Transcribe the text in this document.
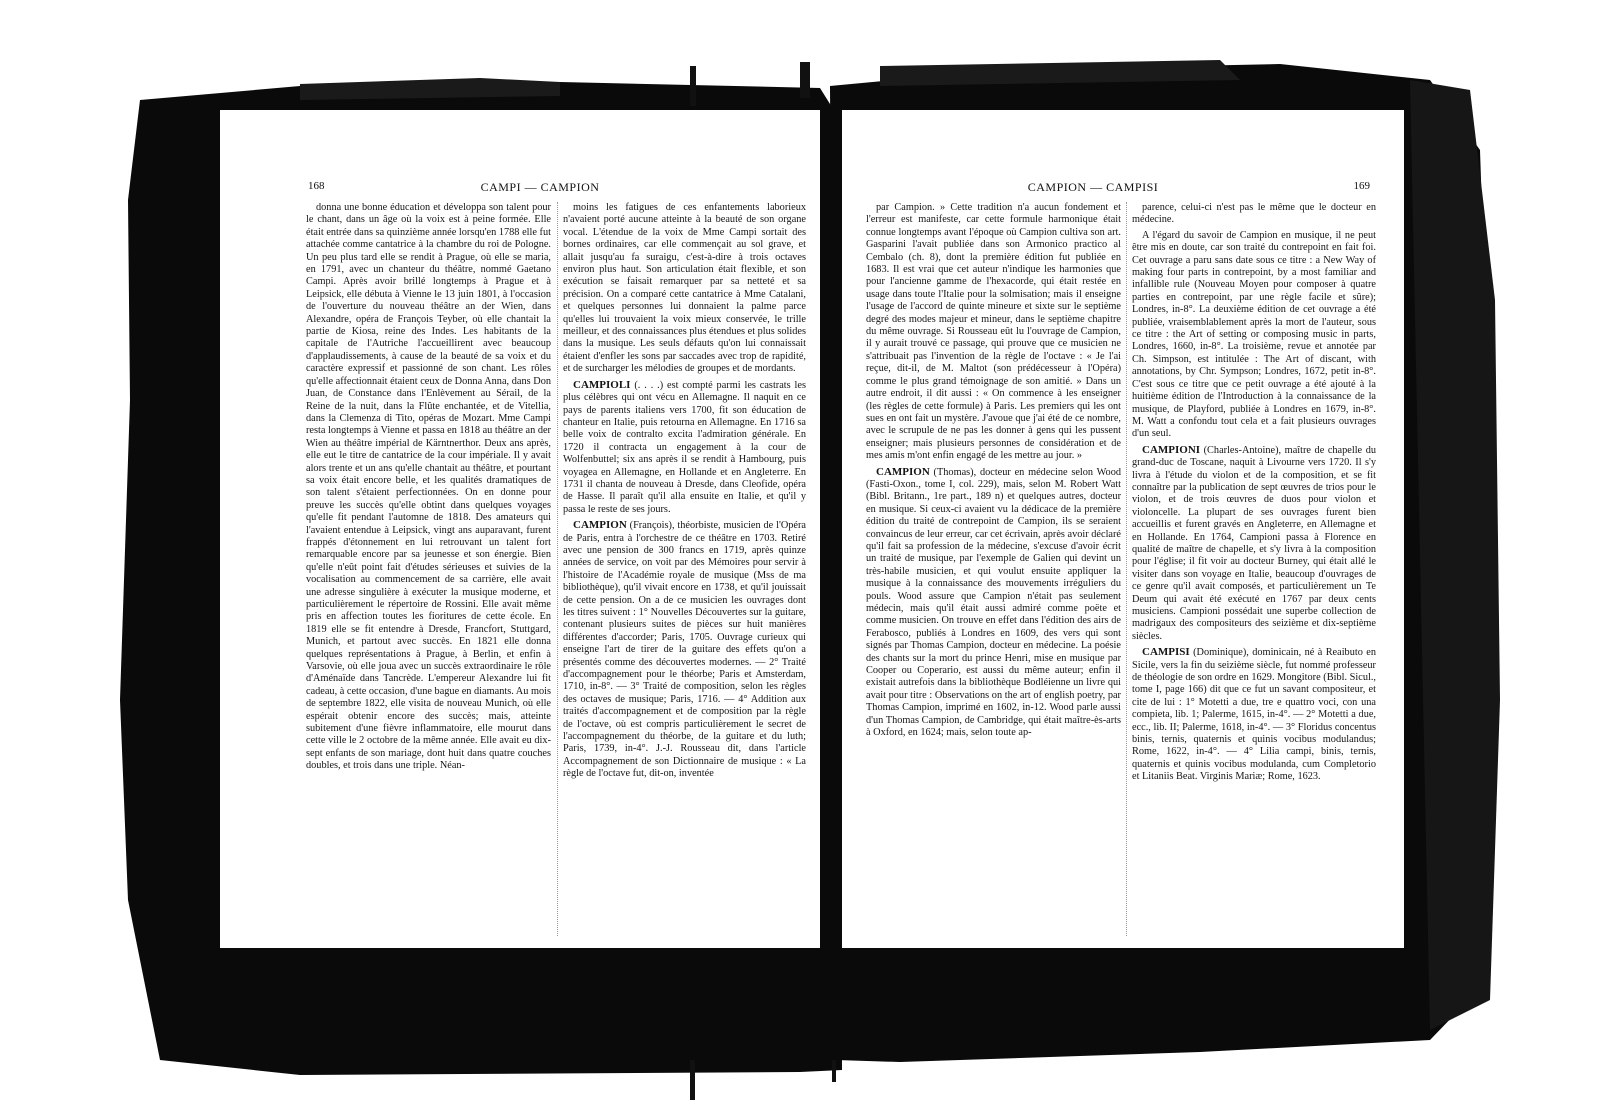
168	CAMPI — CAMPION

donna une bonne éducation et développa son talent pour le chant, dans un âge où la voix est à peine formée. Elle était entrée dans sa quinzième année lorsqu'en 1788 elle fut attachée comme cantatrice à la chambre du roi de Pologne. Un peu plus tard elle se rendit à Prague, où elle se maria, en 1791, avec un chanteur du théâtre, nommé Gaetano Campi. Après avoir brillé longtemps à Prague et à Leipsick, elle débuta à Vienne le 13 juin 1801, à l'occasion de l'ouverture du nouveau théâtre an der Wien, dans Alexandre, opéra de François Teyber, où elle chantait la partie de Kiosa, reine des Indes. Les habitants de la capitale de l'Autriche l'accueillirent avec beaucoup d'applaudissements, à cause de la beauté de sa voix et du caractère expressif et passionné de son chant. Les rôles qu'elle affectionnait étaient ceux de Donna Anna, dans Don Juan, de Constance dans l'Enlèvement au Sérail, de la Reine de la nuit, dans la Flûte enchantée, et de Vitellia, dans la Clemenza di Tito, opéras de Mozart. Mme Campi resta longtemps à Vienne et passa en 1818 au théâtre an der Wien au théâtre impérial de Kärntnerthor. Deux ans après, elle eut le titre de cantatrice de la cour impériale. Il y avait alors trente et un ans qu'elle chantait au théâtre, et pourtant sa voix était encore belle, et les qualités dramatiques de son talent s'étaient perfectionnées. On en donne pour preuve les succès qu'elle obtint dans quelques voyages qu'elle fit pendant l'automne de 1818. Des amateurs qui l'avaient entendue à Leipsick, vingt ans auparavant, furent frappés d'étonnement en lui retrouvant un talent fort remarquable encore par sa jeunesse et son énergie. Bien qu'elle n'eût point fait d'études sérieuses et suivies de la vocalisation au commencement de sa carrière, elle avait une adresse singulière à exécuter la musique moderne, et particulièrement le répertoire de Rossini. Elle avait même pris en affection toutes les fioritures de cette école. En 1819 elle se fit entendre à Dresde, Francfort, Stuttgard, Munich, et partout avec succès. En 1821 elle donna quelques représentations à Prague, à Berlin, et enfin à Varsovie, où elle joua avec un succès extraordinaire le rôle d'Aménaïde dans Tancrède. L'empereur Alexandre lui fit cadeau, à cette occasion, d'une bague en diamants. Au mois de septembre 1822, elle visita de nouveau Munich, où elle espérait obtenir encore des succès; mais, atteinte subitement d'une fièvre inflammatoire, elle mourut dans cette ville le 2 octobre de la même année. Elle avait eu dix-sept enfants de son mariage, dont huit dans quatre couches doubles, et trois dans une triple. Néan-

moins les fatigues de ces enfantements laborieux n'avaient porté aucune atteinte à la beauté de son organe vocal. L'étendue de la voix de Mme Campi sortait des bornes ordinaires, car elle commençait au sol grave, et allait jusqu'au fa suraigu, c'est-à-dire à trois octaves environ plus haut. Son articulation était flexible, et son exécution se faisait remarquer par sa netteté et sa précision. On a comparé cette cantatrice à Mme Catalani, et quelques personnes lui donnaient la palme parce qu'elles lui trouvaient la voix mieux conservée, le trille meilleur, et des connaissances plus étendues et plus solides dans la musique. Les seuls défauts qu'on lui connaissait étaient d'enfler les sons par saccades avec trop de rapidité, et de surcharger les mélodies de groupes et de mordants.

CAMPIOLI (. . . .) est compté parmi les castrats les plus célèbres qui ont vécu en Allemagne. Il naquit en ce pays de parents italiens vers 1700, fit son éducation de chanteur en Italie, puis retourna en Allemagne. En 1716 sa belle voix de contralto excita l'admiration générale. En 1720 il contracta un engagement à la cour de Wolfenbuttel; six ans après il se rendit à Hambourg, puis voyagea en Allemagne, en Hollande et en Angleterre. En 1731 il chanta de nouveau à Dresde, dans Cleofide, opéra de Hasse. Il paraît qu'il alla ensuite en Italie, et qu'il y passa le reste de ses jours.

CAMPION (François), théorbiste, musicien de l'Opéra de Paris, entra à l'orchestre de ce théâtre en 1703. Retiré avec une pension de 300 francs en 1719, après quinze années de service, on voit par des Mémoires pour servir à l'histoire de l'Académie royale de musique (Mss de ma bibliothèque), qu'il vivait encore en 1738, et qu'il jouissait de cette pension. On a de ce musicien les ouvrages dont les titres suivent : 1° Nouvelles Découvertes sur la guitare, contenant plusieurs suites de pièces sur huit manières différentes d'accorder; Paris, 1705. Ouvrage curieux qui enseigne l'art de tirer de la guitare des effets qu'on a présentés comme des découvertes modernes. — 2° Traité d'accompagnement pour le théorbe; Paris et Amsterdam, 1710, in-8°. — 3° Traité de composition, selon les règles des octaves de musique; Paris, 1716. — 4° Addition aux traités d'accompagnement et de composition par la règle de l'octave, où est compris particulièrement le secret de l'accompagnement du théorbe, de la guitare et du luth; Paris, 1739, in-4°. J.-J. Rousseau dit, dans l'article Accompagnement de son Dictionnaire de musique : « La règle de l'octave fut, dit-on, inventée

CAMPION — CAMPISI	169

par Campion. » Cette tradition n'a aucun fondement et l'erreur est manifeste, car cette formule harmonique était connue longtemps avant l'époque où Campion cultiva son art. Gasparini l'avait publiée dans son Armonico practico al Cembalo (ch. 8), dont la première édition fut publiée en 1683. Il est vrai que cet auteur n'indique les harmonies que pour l'ancienne gamme de l'hexacorde, qui était restée en usage dans toute l'Italie pour la solmisation; mais il enseigne l'usage de l'accord de quinte mineure et sixte sur le septième degré des modes majeur et mineur, dans le septième chapitre du même ouvrage. Si Rousseau eût lu l'ouvrage de Campion, il y aurait trouvé ce passage, qui prouve que ce musicien ne s'attribuait pas l'invention de la règle de l'octave : « Je l'ai reçue, dit-il, de M. Maltot (son prédécesseur à l'Opéra) comme le plus grand témoignage de son amitié. » Dans un autre endroit, il dit aussi : « On commence à les enseigner (les règles de cette formule) à Paris. Les premiers qui les ont sues en ont fait un mystère. J'avoue que j'ai été de ce nombre, avec le scrupule de ne pas les donner à gens qui les pussent enseigner; mais plusieurs personnes de considération et de mes amis m'ont enfin engagé de les mettre au jour. »

CAMPION (Thomas), docteur en médecine selon Wood (Fasti-Oxon., tome I, col. 229), mais, selon M. Robert Watt (Bibl. Britann., 1re part., 189 n) et quelques autres, docteur en musique. Si ceux-ci avaient vu la dédicace de la première édition du traité de contrepoint de Campion, ils se seraient convaincus de leur erreur, car cet écrivain, après avoir déclaré qu'il fait sa profession de la médecine, s'excuse d'avoir écrit un traité de musique, par l'exemple de Galien qui devint un très-habile musicien, et qui voulut ensuite appliquer la musique à la connaissance des mouvements irréguliers du pouls. Wood assure que Campion n'était pas seulement médecin, mais qu'il était aussi admiré comme poëte et comme musicien. On trouve en effet dans l'édition des airs de Ferabosco, publiés à Londres en 1609, des vers qui sont signés par Thomas Campion, docteur en médecine. La poésie des chants sur la mort du prince Henri, mise en musique par Cooper ou Coperario, est aussi du même auteur; enfin il existait autrefois dans la bibliothèque Bodléienne un livre qui avait pour titre : Observations on the art of english poetry, par Thomas Campion, imprimé en 1602, in-12. Wood parle aussi d'un Thomas Campion, de Cambridge, qui était maître-ès-arts à Oxford, en 1624; mais, selon toute ap-

parence, celui-ci n'est pas le même que le docteur en médecine.

A l'égard du savoir de Campion en musique, il ne peut être mis en doute, car son traité du contrepoint en fait foi. Cet ouvrage a paru sans date sous ce titre : a New Way of making four parts in contrepoint, by a most familiar and infallible rule (Nouveau Moyen pour composer à quatre parties en contrepoint, par une règle facile et sûre); Londres, in-8°. La deuxième édition de cet ouvrage a été publiée, vraisemblablement après la mort de l'auteur, sous ce titre : the Art of setting or composing music in parts, Londres, 1660, in-8°. La troisième, revue et annotée par Ch. Simpson, est intitulée : The Art of discant, with annotations, by Chr. Sympson; Londres, 1672, petit in-8°. C'est sous ce titre que ce petit ouvrage a été ajouté à la huitième édition de l'Introduction à la connaissance de la musique, de Playford, publiée à Londres en 1679, in-8°. M. Watt a confondu tout cela et a fait plusieurs ouvrages d'un seul.

CAMPIONI (Charles-Antoine), maître de chapelle du grand-duc de Toscane, naquit à Livourne vers 1720. Il s'y livra à l'étude du violon et de la composition, et se fit connaître par la publication de sept œuvres de trios pour le violon, et de trois œuvres de duos pour violon et violoncelle. La plupart de ses ouvrages furent bien accueillis et furent gravés en Angleterre, en Allemagne et en Hollande. En 1764, Campioni passa à Florence en qualité de maître de chapelle, et s'y livra à la composition pour l'église; il fit voir au docteur Burney, qui était allé le visiter dans son voyage en Italie, beaucoup d'ouvrages de ce genre qu'il avait composés, et particulièrement un Te Deum qui avait été exécuté en 1767 par deux cents musiciens. Campioni possédait une superbe collection de madrigaux des compositeurs des seizième et dix-septième siècles.

CAMPISI (Dominique), dominicain, né à Reaibuto en Sicile, vers la fin du seizième siècle, fut nommé professeur de théologie de son ordre en 1629. Mongitore (Bibl. Sicul., tome I, page 166) dit que ce fut un savant compositeur, et cite de lui : 1° Motetti a due, tre e quattro voci, con una compieta, lib. 1; Palerme, 1615, in-4°. — 2° Motetti a due, ecc., lib. II; Palerme, 1618, in-4°. — 3° Floridus concentus binis, ternis, quaternis et quinis vocibus modulandus; Rome, 1622, in-4°. — 4° Lilia campi, binis, ternis, quaternis et quinis vocibus modulanda, cum Completorio et Litaniis Beat. Virginis Mariæ; Rome, 1623.
